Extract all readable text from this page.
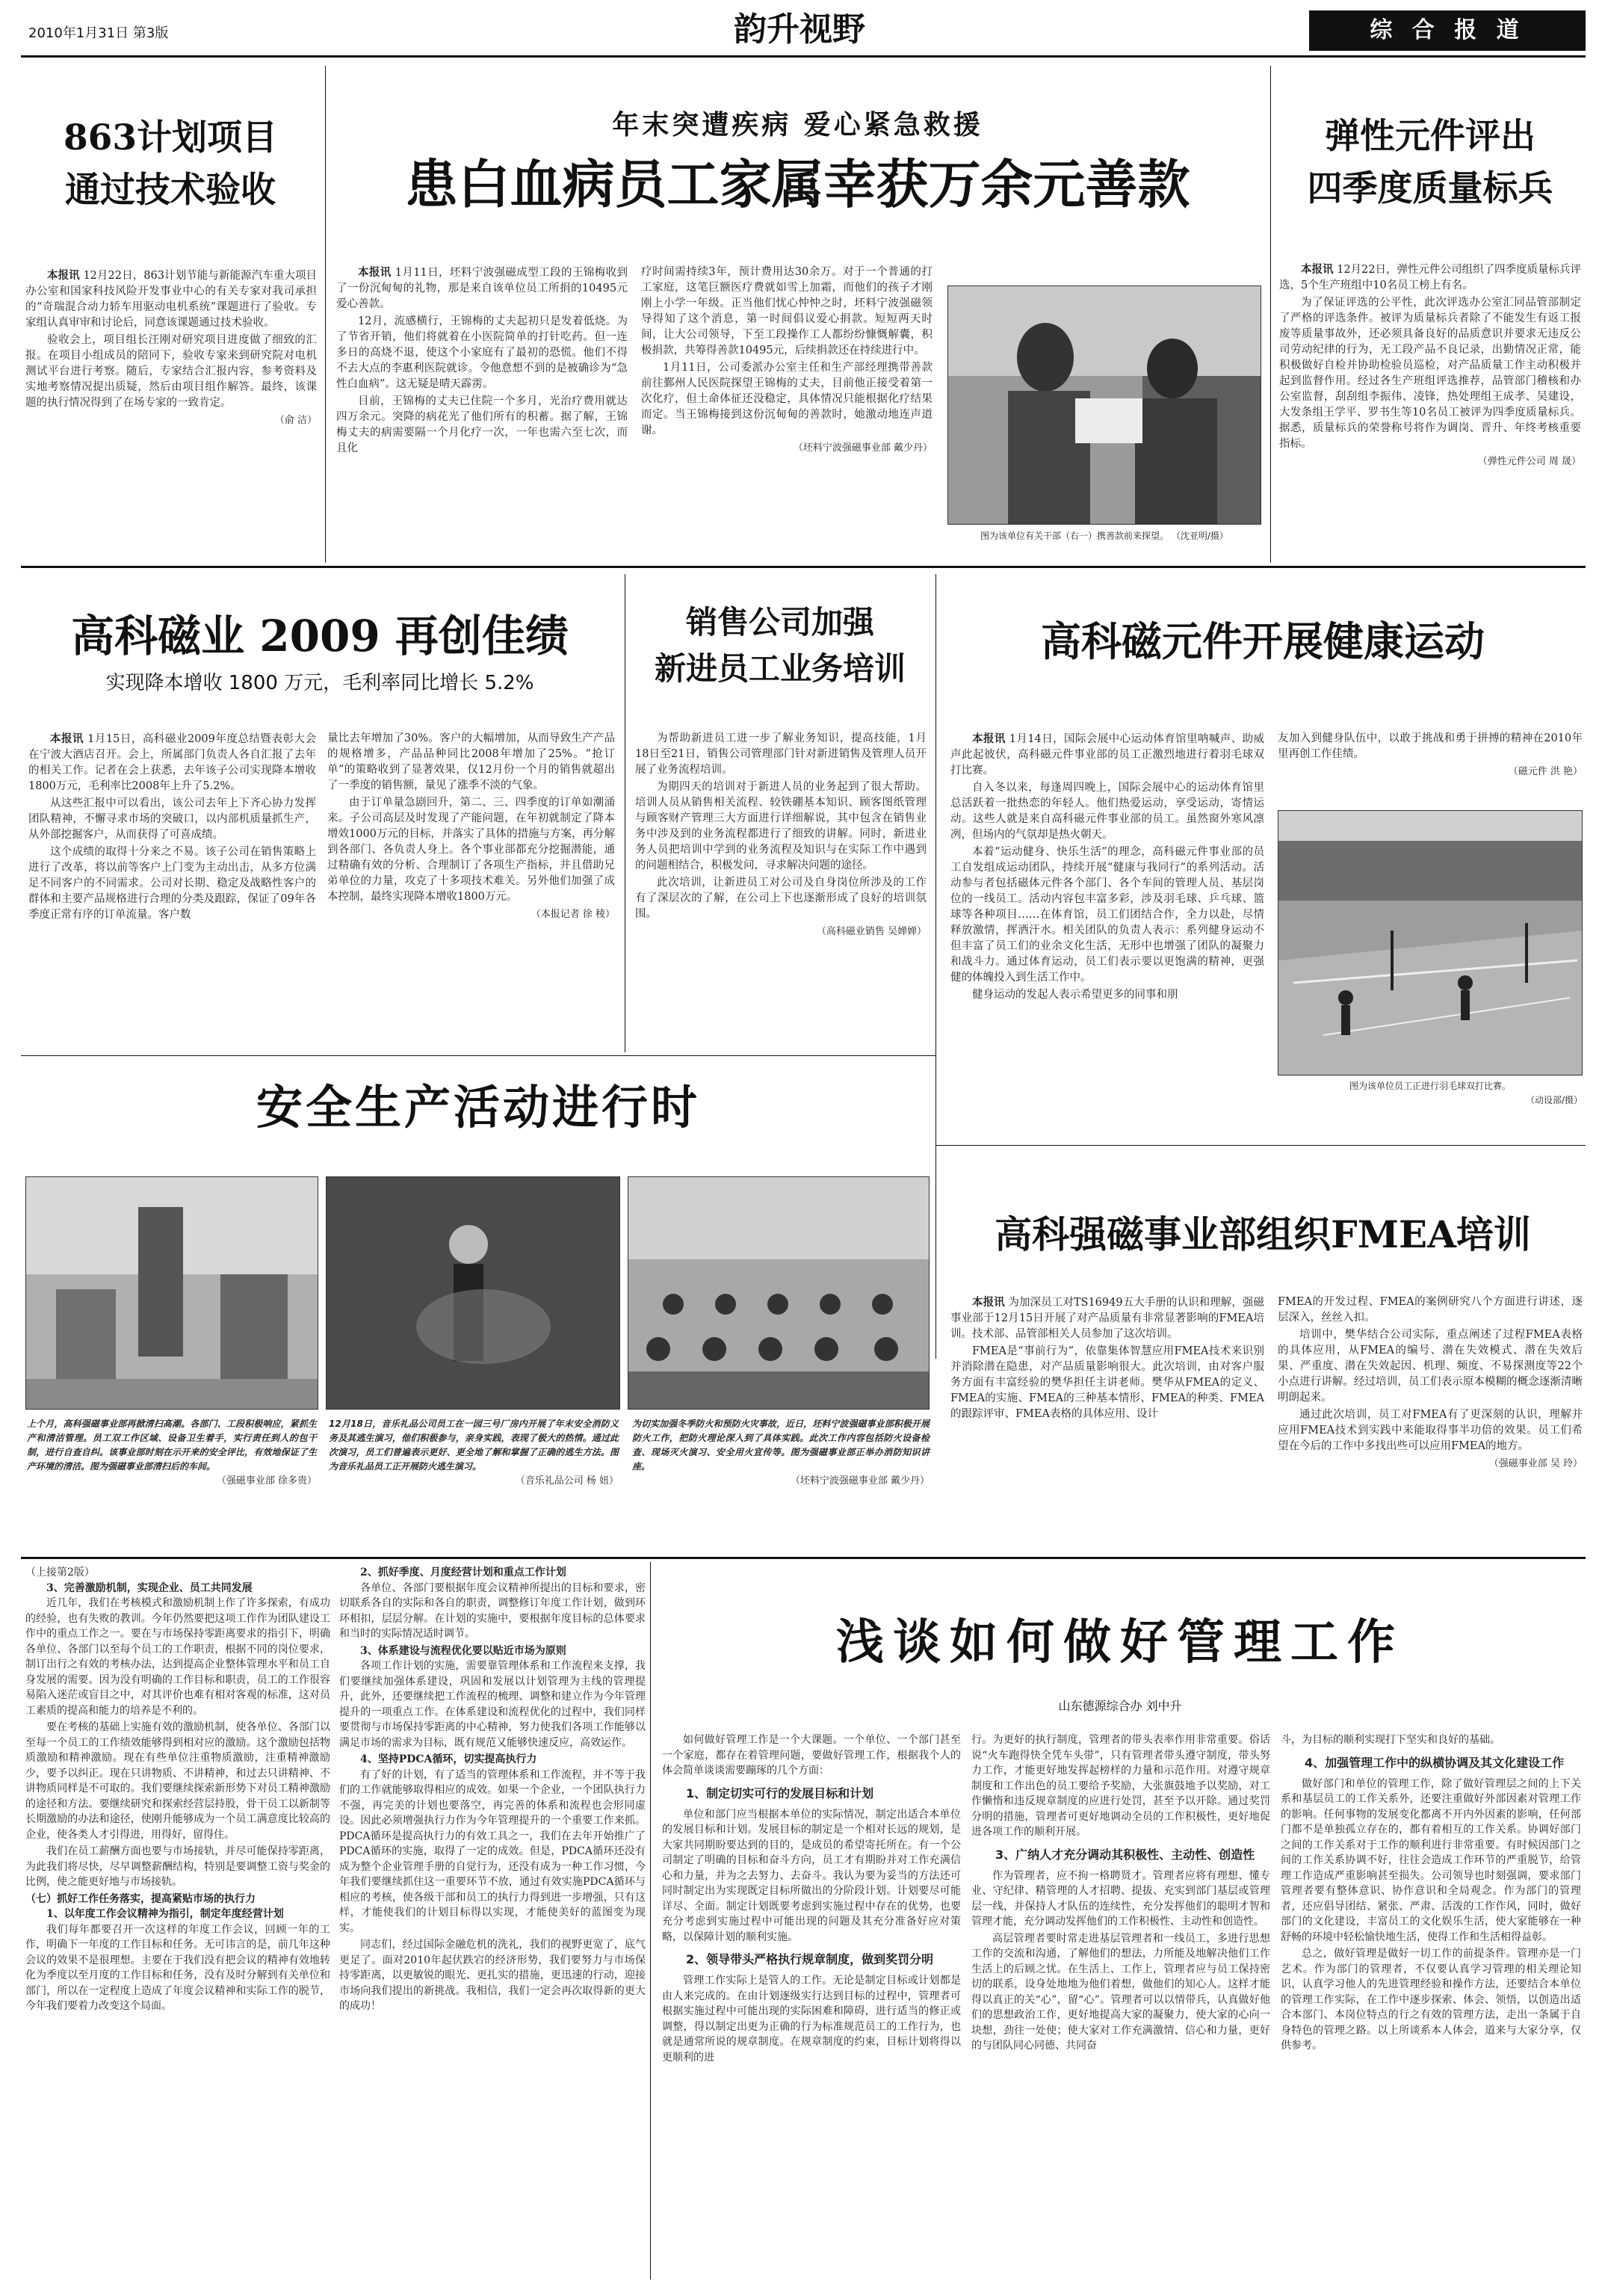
2010年1月31日 第3版	韵升视野	综 合 报 道
863计划项目
通过技术验收

本报讯 12月22日，863计划节能与新能源汽车重大项目办公室和国家科技风险开发事业中心的有关专家对我司承担的“奇瑞混合动力轿车用驱动电机系统”课题进行了验收。专家组认真审审和讨论后，同意该课题通过技术验收。

验收会上，项目组长汪刚对研究项目进度做了细致的汇报。在项目小组成员的陪同下，验收专家来到研究院对电机测试平台进行考察。随后，专家结合汇报内容，参考资料及实地考察情况提出质疑，然后由项目组作解答。最终，该课题的执行情况得到了在场专家的一致肯定。

（俞 洁）
年末突遭疾病 爱心紧急救援
患白血病员工家属幸获万余元善款

本报讯 1月11日，坯料宁波强磁成型工段的王锦梅收到了一份沉甸甸的礼物，那是来自该单位员工所捐的10495元爱心善款。

12月，流感横行，王锦梅的丈夫起初只是发着低烧。为了节省开销，他们将就着在小医院简单的打针吃药。但一连多日的高烧不退，使这个小家庭有了最初的恐慌。他们不得不去大点的李惠利医院就诊。令他意想不到的是被确诊为“急性白血病”。这无疑是晴天霹雳。

目前，王锦梅的丈夫已住院一个多月，光治疗费用就达四万余元。突降的病花光了他们所有的积蓄。据了解，王锦梅丈夫的病需要隔一个月化疗一次，一年也需六至七次，而且化

疗时间需持续3年，预计费用达30余万。对于一个普通的打工家庭，这笔巨额医疗费就如雪上加霜，而他们的孩子才刚刚上小学一年级。正当他们忧心忡忡之时，坯料宁波强磁领导得知了这个消息，第一时间倡议爱心捐款。短短两天时间，让大公司领导，下至工段操作工人都纷纷慷慨解囊，积极捐款，共筹得善款10495元，后续捐款还在持续进行中。

1月11日，公司委派办公室主任和生产部经理携带善款前往鄞州人民医院探望王锦梅的丈夫，目前他正接受着第一次化疗，但土命体征还没稳定，具体情况只能根据化疗结果而定。当王锦梅接到这份沉甸甸的善款时，她激动地连声道谢。

（坯料宁波强磁事业部 戴少丹）
图为该单位有关干部（右一）携善款前来探望。 （沈亚明/摄）
弹性元件评出
四季度质量标兵

本报讯 12月22日，弹性元件公司组织了四季度质量标兵评选，5个生产班组中10名员工榜上有名。

为了保证评选的公平性，此次评选办公室汇同品管部制定了严格的评选条件。被评为质量标兵者除了不能发生有返工报废等质量事故外，还必须具备良好的品质意识并要求无违反公司劳动纪律的行为，无工段产品不良记录，出勤情况正常，能积极做好自检并协助检验员巡检，对产品质量工作主动积极并起到监督作用。经过各生产班组评选推荐，品管部门稽核和办公室监督，刮刮组李振伟、凌锋，热处理组王成孝、吴建设，大发条组王学平、罗书生等10名员工被评为四季度质量标兵。据悉，质量标兵的荣誉称号将作为调岗、晋升、年终考核重要指标。

（弹性元件公司 周 晟）
高科磁业 2009 再创佳绩
实现降本增收 1800 万元，毛利率同比增长 5.2%

本报讯 1月15日，高科磁业2009年度总结暨表彰大会在宁波大酒店召开。会上，所属部门负责人各自汇报了去年的相关工作。记者在会上获悉，去年该子公司实现降本增收1800万元，毛利率比2008年上升了5.2%。

从这些汇报中可以看出，该公司去年上下齐心协力发挥团队精神，不懈寻求市场的突破口，以内部机质量抓生产，从外部挖掘客户，从而获得了可喜成绩。

这个成绩的取得十分来之不易。该子公司在销售策略上进行了改革，将以前等客户上门变为主动出击，从多方位满足不同客户的不同需求。公司对长期、稳定及战略性客户的群体和主要产品规格进行合理的分类及跟踪，保证了09年各季度正常有序的订单流量。客户数

量比去年增加了30%。客户的大幅增加，从而导致生产产品的规格增多，产品品种同比2008年增加了25%。“抢订单”的策略收到了显著效果，仅12月份一个月的销售就超出了一季度的销售额，量见了涨季不淡的气象。

由于订单量急剧回升，第二、三、四季度的订单如潮涌来。子公司高层及时发现了产能问题，在年初就制定了降本增效1000万元的目标，并落实了具体的措施与方案，再分解到各部门、各负责人身上。各个事业部都充分挖掘潜能，通过精确有效的分析、合理制订了各项生产指标，并且借助兄弟单位的力量，攻克了十多项技术难关。另外他们加强了成本控制，最终实现降本增收1800万元。

（本报记者 徐 稜）
销售公司加强
新进员工业务培训

为帮助新进员工进一步了解业务知识，提高技能，1月18日至21日，销售公司管理部门针对新进销售及管理人员开展了业务流程培训。

为期四天的培训对于新进人员的业务起到了很大帮助。培训人员从销售相关流程、较铁硼基本知识、顾客图纸管理与顾客财产管理三大方面进行详细解说，其中包含在销售业务中涉及到的业务流程都进行了细致的讲解。同时，新进业务人员把培训中学到的业务流程及知识与在实际工作中遇到的问题相结合，积极发问，寻求解决问题的途径。

此次培训，让新进员工对公司及自身岗位所涉及的工作有了深层次的了解，在公司上下也逐渐形成了良好的培训氛围。

（高科磁业销售 吴婵婵）
高科磁元件开展健康运动

本报讯 1月14日，国际会展中心运动体育馆里呐喊声、助威声此起彼伏，高科磁元件事业部的员工正激烈地进行着羽毛球双打比赛。

自入冬以来，每逢周四晚上，国际会展中心的运动体育馆里总活跃着一批热恋的年轻人。他们热爱运动，享受运动，寄情运动。这些人就是来自高科磁元件事业部的员工。虽然窗外寒风凛冽，但场内的气氛却是热火朝天。

本着“运动健身、快乐生活”的理念，高科磁元件事业部的员工自发组成运动团队，持续开展“健康与我同行”的系列活动。活动参与者包括磁体元件各个部门、各个车间的管理人员、基层岗位的一线员工。活动内容包丰富多彩，涉及羽毛球、乒乓球、篮球等各种项目……在体育馆，员工们团结合作，全力以赴，尽情释放激情，挥洒汗水。相关团队的负责人表示：系列健身运动不但丰富了员工们的业余文化生活，无形中也增强了团队的凝聚力和战斗力。通过体育运动，员工们表示要以更饱满的精神，更强健的体魄投入到生活工作中。

健身运动的发起人表示希望更多的同事和朋

友加入到健身队伍中，以敢于挑战和勇于拼搏的精神在2010年里再创工作佳绩。

（磁元件 洪 艳）
图为该单位员工正进行羽毛球双打比赛。
（动设部/摄）
安全生产活动进行时
上个月，高科强磁事业部再掀清扫高潮。各部门、工段积极响应，紧抓生产和清洁管理。员工双工作区域、设备卫生着手，实行责任到人的包干制，进行自查自纠。该事业部时刻在示开来的安全评比，有效地保证了生产环境的清洁。图为强磁事业部清扫后的车间。
（强磁事业部 徐多贵）
12月18日，音乐礼品公司员工在一园三号厂房内开展了年末安全消防义务及其逃生演习，他们积极参与，亲身实践，表现了极大的热情。通过此次演习，员工们普遍表示更好、更全地了解和掌握了正确的逃生方法。图为音乐礼品员工正开展防火逃生演习。
（音乐礼品公司 杨 妞）
为切实加强冬季防火和预防火灾事故，近日，坯料宁波强磁事业部积极开展防火工作，把防火理论深入到了具体实践。此次工作内容包括防火设备检查、现场灭火演习、安全用火宣传等。图为强磁事业部正举办消防知识讲座。
（坯料宁波强磁事业部 戴少丹）
高科强磁事业部组织FMEA培训

本报讯 为加深员工对TS16949五大手册的认识和理解，强磁事业部于12月15日开展了对产品质量有非常显著影响的FMEA培训。技术部、品管部相关人员参加了这次培训。

FMEA是“事前行为”，依靠集体智慧应用FMEA技术来识别并消除潜在隐患，对产品质量影响很大。此次培训，由对客户服务方面有丰富经验的樊华担任主讲老师。樊华从FMEA的定义、FMEA的实施、FMEA的三种基本情形、FMEA的种类、FMEA的跟踪评审、FMEA表格的具体应用、设计

FMEA的开发过程、FMEA的案例研究八个方面进行讲述，逐层深入，丝丝入扣。

培训中，樊华结合公司实际，重点阐述了过程FMEA表格的具体应用，从FMEA的编号、潜在失效模式、潜在失效后果、严重度、潜在失效起因、机理、频度、不易探测度等22个小点进行讲解。经过培训，员工们表示原本模糊的概念逐渐清晰明朗起来。

通过此次培训，员工对FMEA有了更深刻的认识，理解并应用FMEA技术到实践中来能取得事半功倍的效果。员工们希望在今后的工作中多找出些可以应用FMEA的地方。

（强磁事业部 吴 玲）
（上接第2版）
3、完善激励机制，实现企业、员工共同发展

近几年，我们在考核模式和激励机制上作了许多探索，有成功的经验，也有失败的教训。今年仍然要把这项工作作为团队建设工作中的重点工作之一。要在与市场保持零距离要求的指引下，明确各单位、各部门以至每个员工的工作职责，根据不同的岗位要求，制订出行之有效的考核办法，达到提高企业整体管理水平和员工自身发展的需要。因为没有明确的工作目标和职责，员工的工作很容易陷入迷茫或盲目之中，对其评价也难有相对客观的标准，这对员工素质的提高和能力的培养是不利的。

要在考核的基础上实施有效的激励机制，使各单位、各部门以至每一个员工的工作绩效能够得到相对应的激励。这个激励包括物质激励和精神激励。现在有些单位注重物质激励，注重精神激励少，要予以纠正。现在只讲物质、不讲精神，和过去只讲精神、不讲物质同样是不可取的。我们要继续探索新形势下对员工精神激励的途径和方法。要继续研究和探索经营层持股，骨干员工以新制等长期激励的办法和途径，使刚升能够成为一个员工满意度比较高的企业，使各类人才引得进，用得好，留得住。

我们在员工薪酬方面也要与市场接轨，并尽可能保持零距离，为此我们将尽快，尽早调整薪酬结构，特别是要调整工资与奖金的比例，使之能更好地与市场接轨。

（七）抓好工作任务落实，提高紧贴市场的执行力
1、以年度工作会议精神为指引，制定年度经营计划

我们每年都要召开一次这样的年度工作会议，回顾一年的工作，明确下一年度的工作目标和任务。无可讳言的是，前几年这种会议的效果不是很理想。主要在于我们没有把会议的精神有效地转化为季度以至月度的工作目标和任务，没有及时分解到有关单位和部门，所以在一定程度上造成了年度会议精神和实际工作的脱节，今年我们要着力改变这个局面。

2、抓好季度、月度经营计划和重点工作计划

各单位、各部门要根据年度会议精神所提出的目标和要求，密切联系各自的实际和各自的职责，调整修订年度工作计划，做到环环相扣，层层分解。在计划的实施中，要根据年度目标的总体要求和当时的实际情况适时调节。

3、体系建设与流程优化要以贴近市场为原则

各项工作计划的实施，需要靠管理体系和工作流程来支撑，我们要继续加强体系建设，巩固和发展以计划管理为主线的管理提升，此外，还要继续把工作流程的梳理、调整和建立作为今年管理提升的一项重点工作。在体系建设和流程优化的过程中，我们同样要贯彻与市场保持零距离的中心精神，努力使我们各项工作能够以满足市场的需求为目标，既有规范又能够快速反应，高效运作。

4、坚持PDCA循环，切实提高执行力

有了好的计划，有了适当的管理体系和工作流程，并不等于我们的工作就能够取得相应的成效。如果一个企业，一个团队执行力不强，再完美的计划也要落空，再完善的体系和流程也会形同虚设。因此必须增强执行力作为今年管理提升的一个重要工作来抓。PDCA循环是提高执行力的有效工具之一，我们在去年开始推广了PDCA循环的实施，取得了一定的成效。但是，PDCA循环还没有成为整个企业管理手册的自觉行为，还没有成为一种工作习惯，今年我们要继续抓住这一重要环节不放，通过有效实施PDCA循环与相应的考核，使各级干部和员工的执行力得到进一步增强，只有这样，才能使我们的计划目标得以实现，才能使美好的蓝图变为现实。

同志们，经过国际金融危机的洗礼，我们的视野更宽了，底气更足了。面对2010年起伏跌宕的经济形势，我们要努力与市场保持零距离，以更敏锐的眼光、更扎实的措施，更迅速的行动，迎接市场向我们提出的新挑战。我相信，我们一定会再次取得新的更大的成功！

浅谈如何做好管理工作
山东德源综合办 刘中升

如何做好管理工作是一个大课题。一个单位、一个部门甚至一个家庭，都存在着管理问题，要做好管理工作，根据我个人的体会简单谈谈需要蹦琢的几个方面：

1、制定切实可行的发展目标和计划

单位和部门应当根据本单位的实际情况，制定出适合本单位的发展目标和计划。发展目标的制定是一个相对长远的规划，是大家共同期盼要达到的目的，是成员的希望寄托所在。有一个公司制定了明确的目标和奋斗方向，员工才有期盼并对工作充满信心和力量，并为之去努力、去奋斗。我认为要为妥当的方法还可同时制定出为实现既定目标所做出的分阶段计划。计划要尽可能详尽、全面。制定计划既要考虑到实施过程中存在的优势，也要充分考虑到实施过程中可能出现的问题及其充分准备好应对策略，以保障计划的顺利实施。

2、领导带头严格执行规章制度，做到奖罚分明

管理工作实际上是管人的工作。无论是制定目标或计划都是由人来完成的。在由计划逐级实行达到目标的过程中，管理者可根据实施过程中可能出现的实际困难和障碍，进行适当的修正或调整，得以制定出更为正确的行为标准规范员工的工作行为，也就是通常所说的规章制度。在规章制度的约束，目标计划将得以更顺利的进

行。为更好的执行制度，管理者的带头表率作用非常重要。俗话说“火车跑得快全凭车头带”，只有管理者带头遵守制度，带头努力工作，才能更好地发挥起榜样的力量和示范作用。对遵守规章制度和工作出色的员工要给予奖励，大张旗鼓地予以奖励，对工作懒惰和违反规章制度的应进行处罚，甚至予以开除。通过奖罚分明的措施，管理者可更好地调动全员的工作积极性，更好地促进各项工作的顺利开展。

3、广纳人才充分调动其积极性、主动性、创造性

作为管理者，应不拘一格聘贤才。管理者应将有理想、懂专业、守纪律、精管理的人才招聘、提拔、充实到部门基层或管理层一线，并保持人才队伍的连续性，充分发挥他们的聪明才智和管理才能，充分调动发挥他们的工作积极性、主动性和创造性。

高层管理者要时常走进基层管理者和一线员工，多进行思想工作的交流和沟通，了解他们的想法，力所能及地解决他们工作生活上的后顾之忧。在生活上、工作上，管理者应与员工保持密切的联系，设身处地地为他们着想，做他们的知心人。这样才能得以真正的关“心”，留“心”。管理者可以以情带兵，认真做好他们的思想政治工作，更好地提高大家的凝聚力，使大家的心向一块想，劲往一处使；使大家对工作充满激情、信心和力量，更好的与团队同心同德、共同奋

斗，为目标的顺利实现打下坚实和良好的基础。

4、加强管理工作中的纵横协调及其文化建设工作

做好部门和单位的管理工作，除了做好管理层之间的上下关系和基层员工的工作关系外，还要注重做好外部因素对管理工作的影响。任何事物的发展变化都离不开内外因素的影响，任何部门都不是单独孤立存在的，都有着相互的工作关系。协调好部门之间的工作关系对于工作的顺利进行非常重要。有时候因部门之间的工作关系协调不好，往往会造成工作环节的严重脱节，给管理工作造成严重影响甚至损失。公司领导也时刻强调，要求部门管理者要有整体意识、协作意识和全局观念。作为部门的管理者，还应倡导团结、紧张、严肃、活泼的工作作风，同时，做好部门的文化建设，丰富员工的文化娱乐生活，使大家能够在一种舒畅的环境中轻松愉快地生活，使得工作和生活相得益彰。

总之，做好管理是做好一切工作的前提条件。管理亦是一门艺术。作为部门的管理者，不仅要认真学习管理的相关理论知识，认真学习他人的先进管理经验和操作方法，还要结合本单位的管理工作实际，在工作中逐步探索、体会、领悟，以创造出适合本部门、本岗位特点的行之有效的管理方法，走出一条属于自身特色的管理之路。以上所谈系本人体会，道来与大家分享，仅供参考。
